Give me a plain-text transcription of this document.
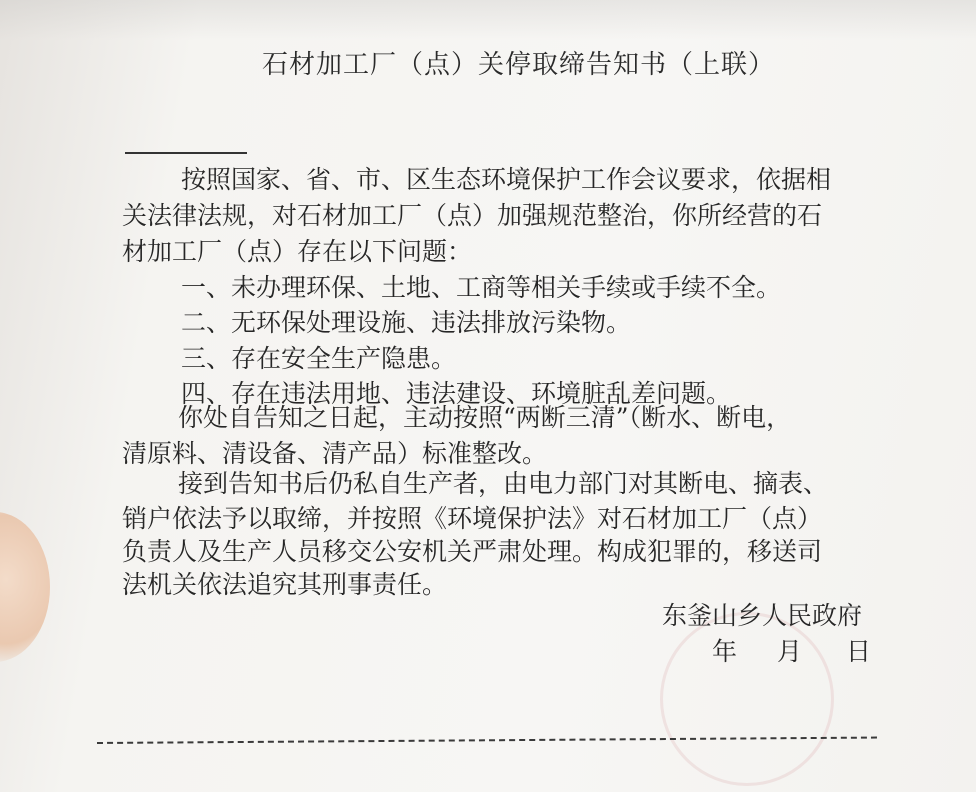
石材加工厂（点）关停取缔告知书（上联）
按照国家、省、市、区生态环境保护工作会议要求，依据相
关法律法规，对石材加工厂（点）加强规范整治，你所经营的石
材加工厂（点）存在以下问题：
一、未办理环保、土地、工商等相关手续或手续不全。
二、无环保处理设施、违法排放污染物。
三、存在安全生产隐患。
四、存在违法用地、违法建设、环境脏乱差问题。
你处自告知之日起，主动按照“两断三清”（断水、断电，
清原料、清设备、清产品）标准整改。
接到告知书后仍私自生产者，由电力部门对其断电、摘表、
销户依法予以取缔，并按照《环境保护法》对石材加工厂（点）
负责人及生产人员移交公安机关严肃处理。构成犯罪的，移送司
法机关依法追究其刑事责任。
东釜山乡人民政府
年 月 日
